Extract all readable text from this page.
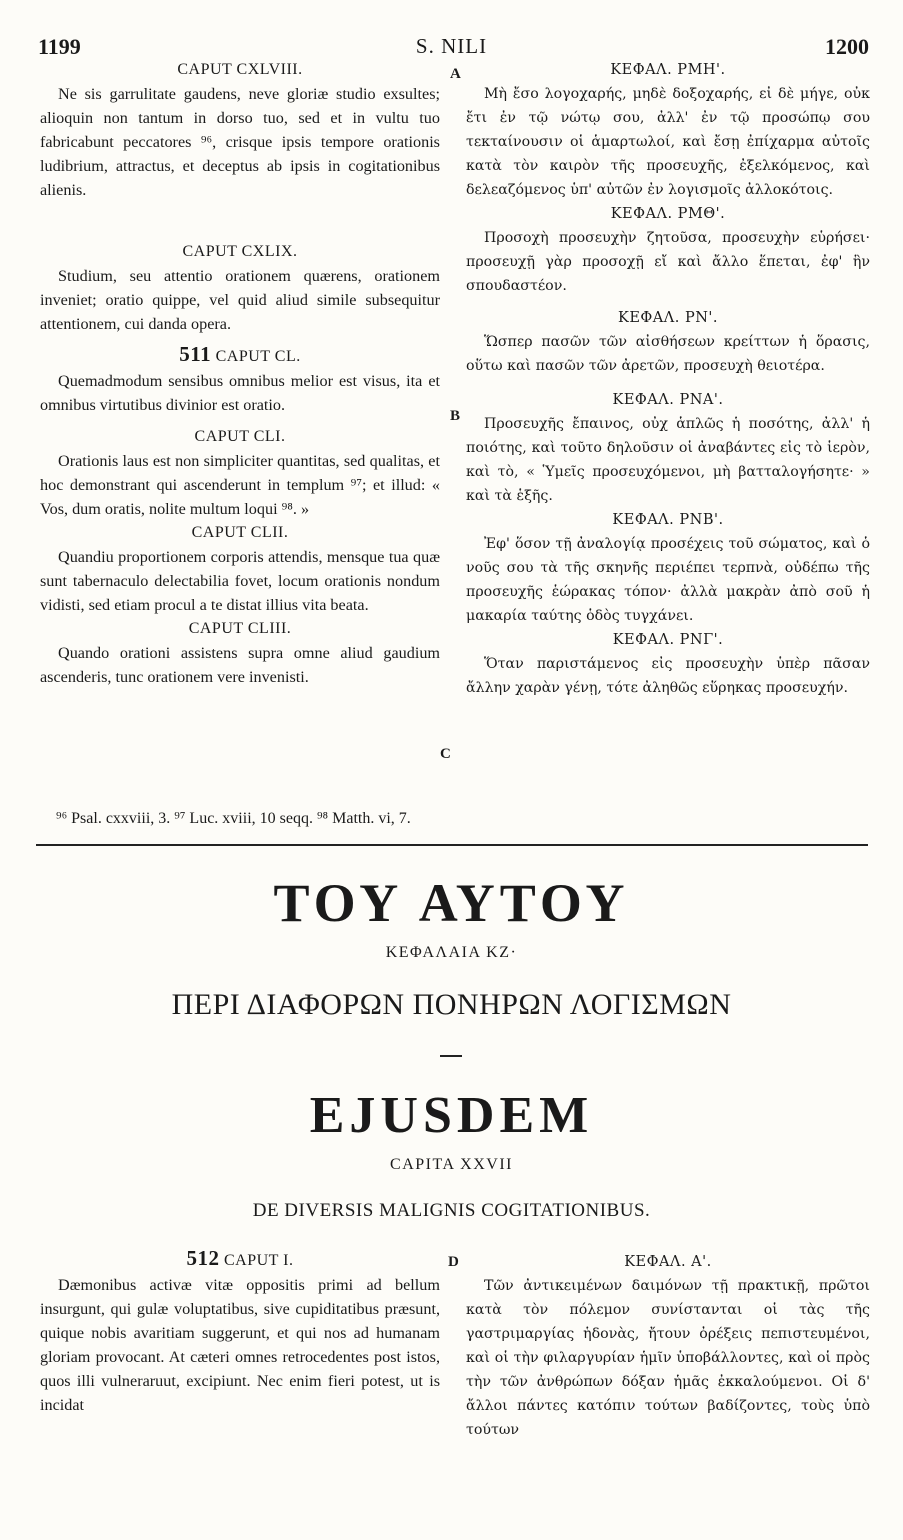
1199	S. NILI	1200
CAPUT CXLVIII.
Ne sis garrulitate gaudens, neve gloriæ studio exsultes; alioquin non tantum in dorso tuo, sed et in vultu tuo fabricabunt peccatores ⁹⁶, crisque ipsis tempore orationis ludibrium, attractus, et deceptus ab ipsis in cogitationibus alienis.
CAPUT CXLIX.
Studium, seu attentio orationem quærens, orationem inveniet; oratio quippe, vel quid aliud simile subsequitur attentionem, cui danda opera.
511 CAPUT CL.
Quemadmodum sensibus omnibus melior est visus, ita et omnibus virtutibus divinior est oratio.
CAPUT CLI.
Orationis laus est non simpliciter quantitas, sed qualitas, et hoc demonstrant qui ascenderunt in templum ⁹⁷; et illud: « Vos, dum oratis, nolite multum loqui ⁹⁸. »
CAPUT CLII.
Quandiu proportionem corporis attendis, mensque tua quæ sunt tabernaculo delectabilia fovet, locum orationis nondum vidisti, sed etiam procul a te distat illius vita beata.
CAPUT CLIII.
Quando orationi assistens supra omne aliud gaudium ascenderis, tunc orationem vere invenisti.
ΚΕΦΑΛ. ΡΜΗ'.
Μὴ ἔσο λογοχαρής, μηδὲ δοξοχαρής, εἰ δὲ μήγε, οὐκ ἔτι ἐν τῷ νώτῳ σου, ἀλλ' ἐν τῷ προσώπῳ σου τεκταίνουσιν οἱ ἁμαρτωλοί, καὶ ἔσῃ ἐπίχαρμα αὐτοῖς κατὰ τὸν καιρὸν τῆς προσευχῆς, ἐξελκόμενος, καὶ δελεαζόμενος ὑπ' αὐτῶν ἐν λογισμοῖς ἀλλοκότοις.
ΚΕΦΑΛ. ΡΜΘ'.
Προσοχὴ προσευχὴν ζητοῦσα, προσευχὴν εὑρήσει· προσευχῇ γὰρ προσοχῇ εἴ καὶ ἄλλο ἕπεται, ἐφ' ἣν σπουδαστέον.
ΚΕΦΑΛ. ΡΝ'.
Ὥσπερ πασῶν τῶν αἰσθήσεων κρείττων ἡ ὅρασις, οὕτω καὶ πασῶν τῶν ἀρετῶν, προσευχὴ θειοτέρα.
ΚΕΦΑΛ. ΡΝΑ'.
Προσευχῆς ἔπαινος, οὐχ ἁπλῶς ἡ ποσότης, ἀλλ' ἡ ποιότης, καὶ τοῦτο δηλοῦσιν οἱ ἀναβάντες εἰς τὸ ἱερὸν, καὶ τὸ, « Ὑμεῖς προσευχόμενοι, μὴ βατταλογήσητε· » καὶ τὰ ἑξῆς.
ΚΕΦΑΛ. ΡΝΒ'.
Ἐφ' ὅσον τῇ ἀναλογίᾳ προσέχεις τοῦ σώματος, καὶ ὁ νοῦς σου τὰ τῆς σκηνῆς περιέπει τερπνὰ, οὐδέπω τῆς προσευχῆς ἑώρακας τόπον· ἀλλὰ μακρὰν ἀπὸ σοῦ ἡ μακαρία ταύτης ὁδὸς τυγχάνει.
ΚΕΦΑΛ. ΡΝΓ'.
Ὅταν παριστάμενος εἰς προσευχὴν ὑπὲρ πᾶσαν ἄλλην χαρὰν γένῃ, τότε ἀληθῶς εὕρηκας προσευχήν.
A
B
C
D
⁹⁶ Psal. cxxviii, 3. ⁹⁷ Luc. xviii, 10 seqq. ⁹⁸ Matth. vi, 7.
ΤΟΥ ΑΥΤΟΥ
ΚΕΦΑΛΑΙΑ ΚΖ·
ΠΕΡΙ ΔΙΑΦΟΡΩΝ ΠΟΝΗΡΩΝ ΛΟΓΙΣΜΩΝ
EJUSDEM
CAPITA XXVII
DE DIVERSIS MALIGNIS COGITATIONIBUS.
512 CAPUT I.
Dæmonibus activæ vitæ oppositis primi ad bellum insurgunt, qui gulæ voluptatibus, sive cupiditatibus præsunt, quique nobis avaritiam suggerunt, et qui nos ad humanam gloriam provocant. At cæteri omnes retrocedentes post istos, quos illi vulneraruut, excipiunt. Nec enim fieri potest, ut is incidat
ΚΕΦΑΛ. Α'.
Τῶν ἀντικειμένων δαιμόνων τῇ πρακτικῇ, πρῶτοι κατὰ τὸν πόλεμον συνίστανται οἱ τὰς τῆς γαστριμαργίας ἡδονὰς, ἤτουν ὀρέξεις πεπιστευμένοι, καὶ οἱ τὴν φιλαργυρίαν ἡμῖν ὑποβάλλοντες, καὶ οἱ πρὸς τὴν τῶν ἀνθρώπων δόξαν ἡμᾶς ἐκκαλούμενοι. Οἱ δ' ἄλλοι πάντες κατόπιν τούτων βαδίζοντες, τοὺς ὑπὸ τούτων
